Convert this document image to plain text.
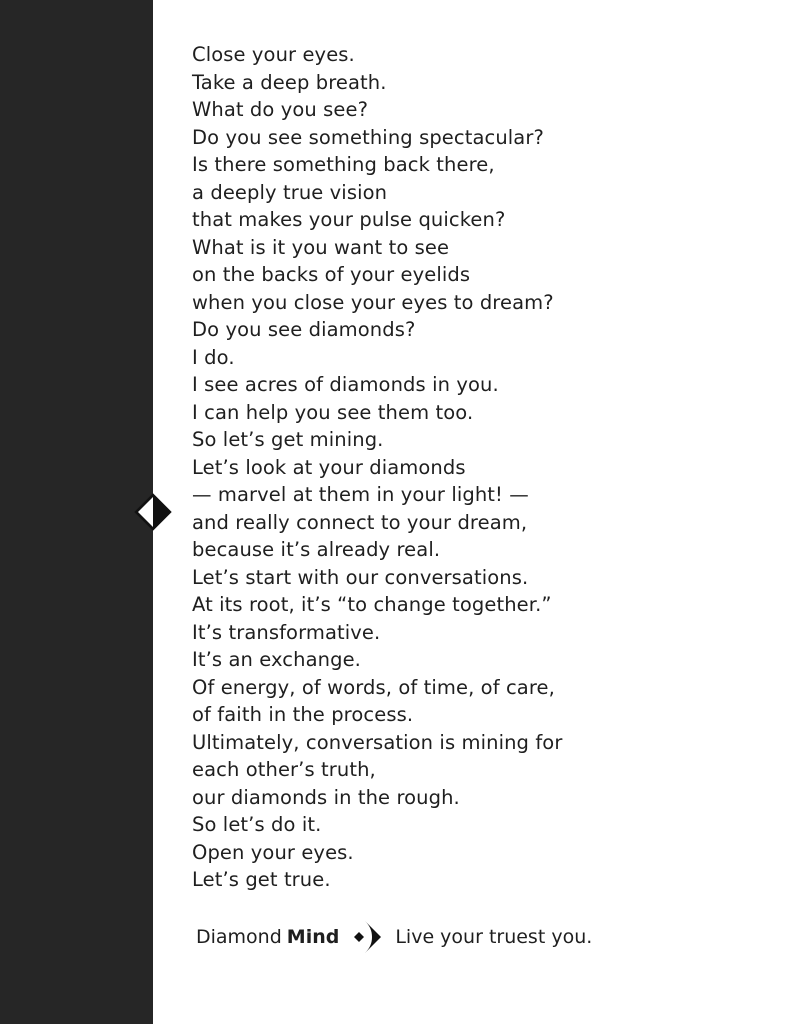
Close your eyes.
Take a deep breath.
What do you see?
Do you see something spectacular?
Is there something back there,
a deeply true vision
that makes your pulse quicken?
What is it you want to see
on the backs of your eyelids
when you close your eyes to dream?
Do you see diamonds?
I do.
I see acres of diamonds in you.
I can help you see them too.
So let’s get mining.
Let’s look at your diamonds
— marvel at them in your light! —
and really connect to your dream,
because it’s already real.
Let’s start with our conversations.
At its root, it’s “to change together.”
It’s transformative.
It’s an exchange.
Of energy, of words, of time, of care,
of faith in the process.
Ultimately, conversation is mining for
each other’s truth,
our diamonds in the rough.
So let’s do it.
Open your eyes.
Let’s get true.
Diamond Mind	Live your truest you.
